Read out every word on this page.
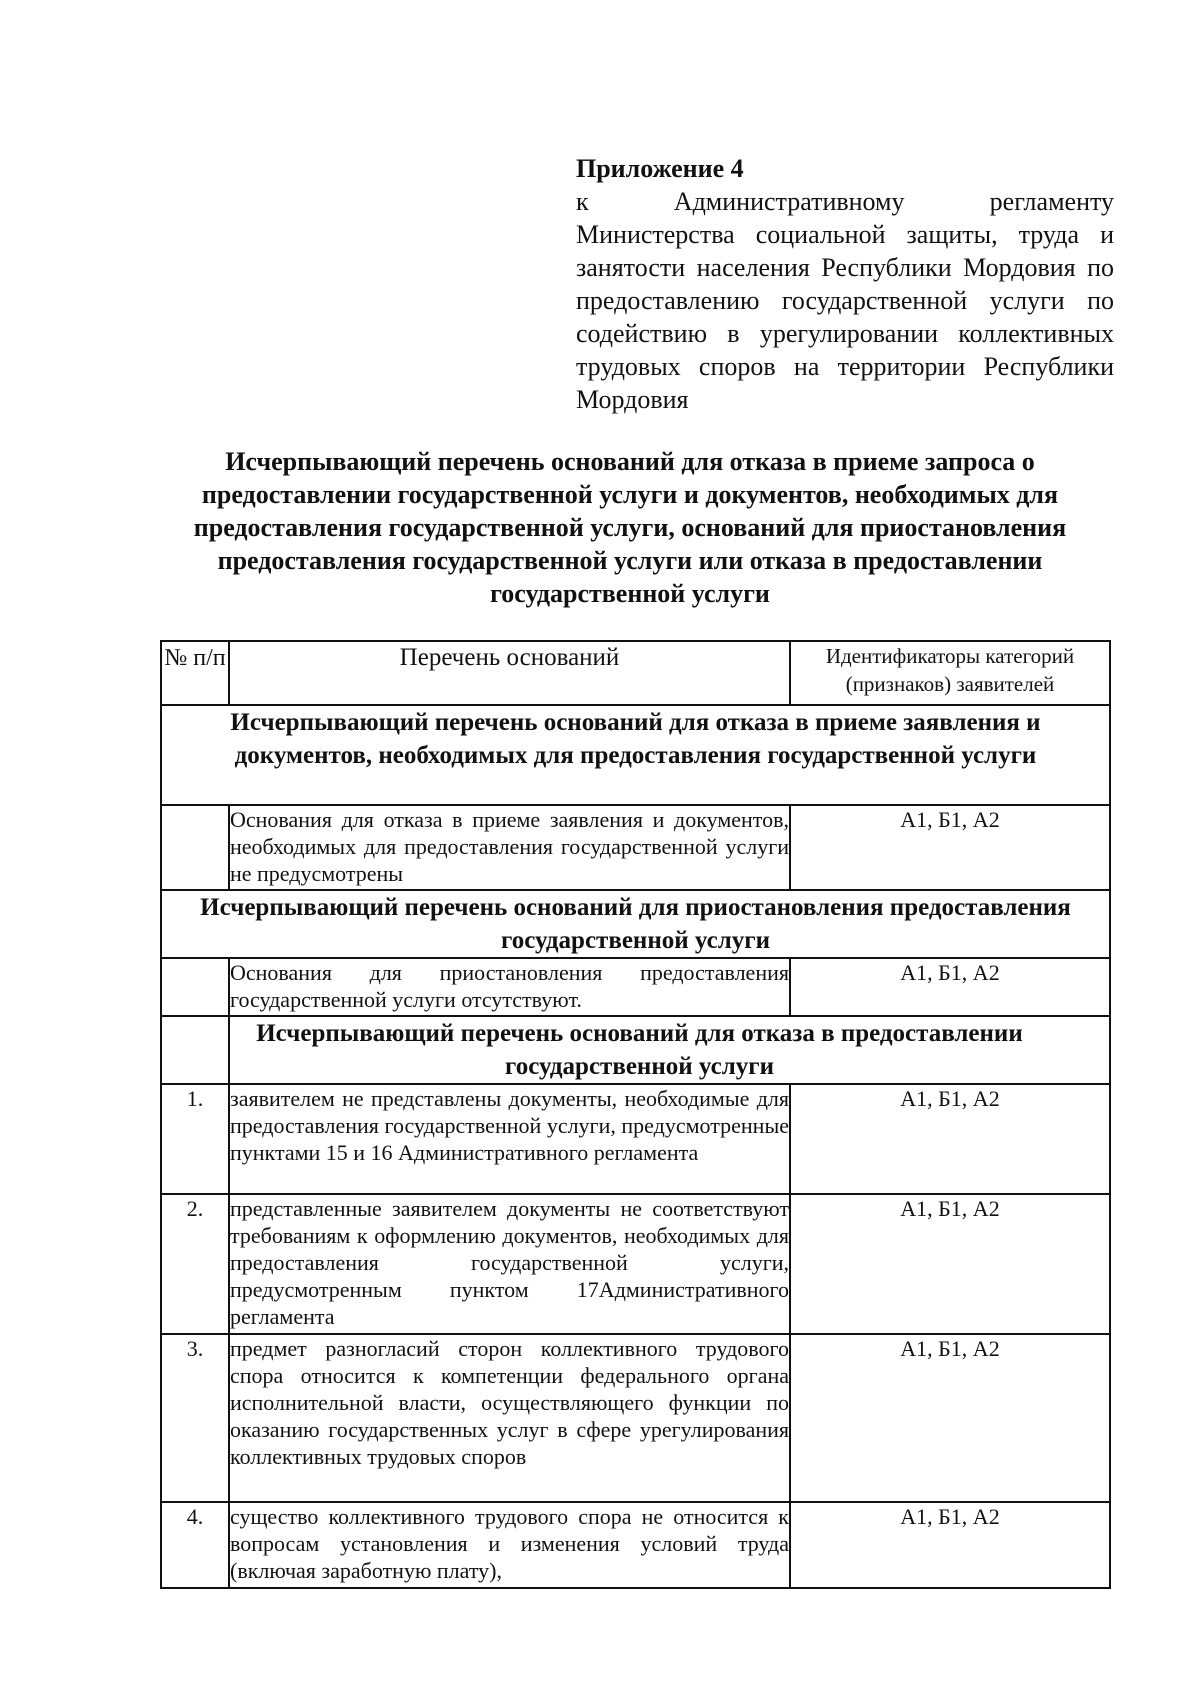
Приложение 4
к Административному регламенту Министерства социальной защиты, труда и занятости населения Республики Мордовия по предоставлению государственной услуги по содействию в урегулировании коллективных трудовых споров на территории Республики Мордовия
Исчерпывающий перечень оснований для отказа в приеме запроса о предоставлении государственной услуги и документов, необходимых для предоставления государственной услуги, оснований для приостановления предоставления государственной услуги или отказа в предоставлении государственной услуги
№ п/п	Перечень оснований	Идентификаторы категорий (признаков) заявителей
Исчерпывающий перечень оснований для отказа в приеме заявления и документов, необходимых для предоставления государственной услуги		
	Основания для отказа в приеме заявления и документов, необходимых для предоставления государственной услуги не предусмотрены	А1, Б1, А2
Исчерпывающий перечень оснований для приостановления предоставления государственной услуги		
	Основания для приостановления предоставления государственной услуги отсутствуют.	А1, Б1, А2
	Исчерпывающий перечень оснований для отказа в предоставлении государственной услуги	
1.	заявителем не представлены документы, необходимые для предоставления государственной услуги, предусмотренные пунктами 15 и 16 Административного регламента	А1, Б1, А2
2.	представленные заявителем документы не соответствуют требованиям к оформлению документов, необходимых для предоставления государственной услуги, предусмотренным пунктом 17Административного регламента	А1, Б1, А2
3.	предмет разногласий сторон коллективного трудового спора относится к компетенции федерального органа исполнительной власти, осуществляющего функции по оказанию государственных услуг в сфере урегулирования коллективных трудовых споров	А1, Б1, А2
4.	существо коллективного трудового спора не относится к вопросам установления и изменения условий труда (включая заработную плату),	А1, Б1, А2
